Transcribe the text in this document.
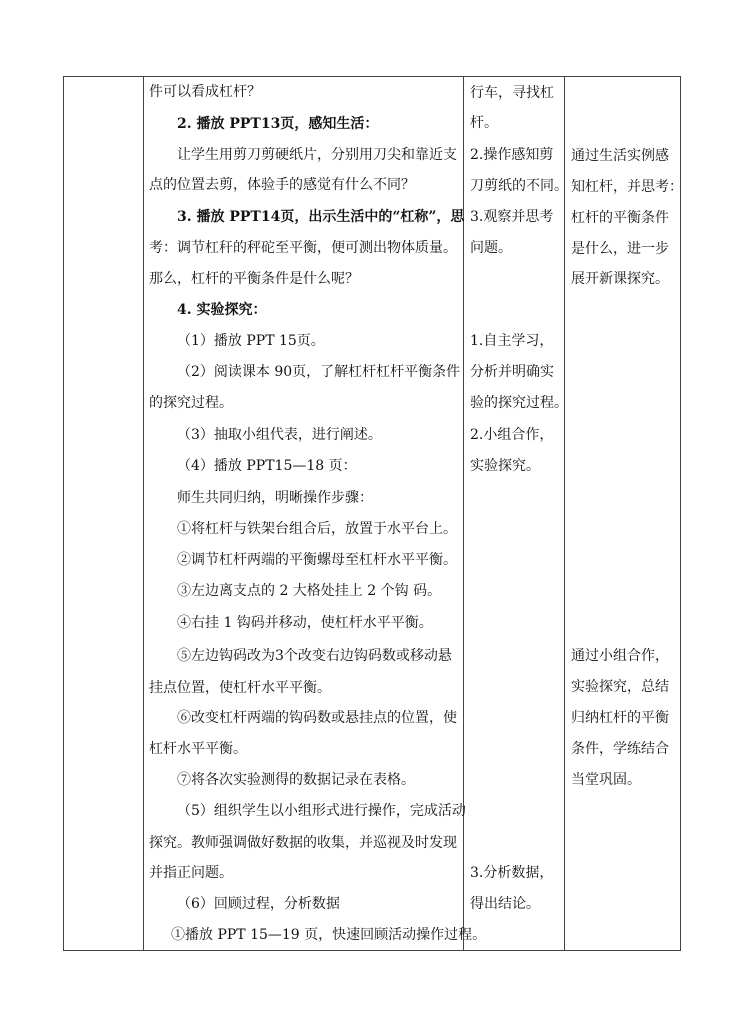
件可以看成杠杆？
2. 播放 PPT13页，感知生活：
让学生用剪刀剪硬纸片，分别用刀尖和靠近支
点的位置去剪，体验手的感觉有什么不同？
3. 播放 PPT14页，出示生活中的“杠称”，思
考：调节杠秆的秤砣至平衡，便可测出物体质量。
那么，杠杆的平衡条件是什么呢？
4. 实验探究：
（1）播放 PPT 15页。
（2）阅读课本 90页，了解杠杆杠杆平衡条件
的探究过程。
（3）抽取小组代表，进行阐述。
（4）播放 PPT15—18 页：
师生共同归纳，明晰操作步骤：
①将杠杆与铁架台组合后，放置于水平台上。
②调节杠杆两端的平衡螺母至杠杆水平平衡。
③左边离支点的 2 大格处挂上 2 个钩 码。
④右挂 1 钩码并移动，使杠杆水平平衡。
⑤左边钩码改为3个改变右边钩码数或移动悬
挂点位置，使杠杆水平平衡。
⑥改变杠杆两端的钩码数或悬挂点的位置，使
杠杆水平平衡。
⑦将各次实验测得的数据记录在表格。
（5）组织学生以小组形式进行操作，完成活动
探究。教师强调做好数据的收集，并巡视及时发现
并指正问题。
（6）回顾过程，分析数据
①播放 PPT 15—19 页，快速回顾活动操作过程。
行车，寻找杠
杆。
2.操作感知剪
刀剪纸的不同。
3.观察并思考
问题。
1.自主学习，
分析并明确实
验的探究过程。
2.小组合作，
实验探究。
3.分析数据，
得出结论。
通过生活实例感
知杠杆，并思考：
杠杆的平衡条件
是什么，进一步
展开新课探究。
通过小组合作，
实验探究，总结
归纳杠杆的平衡
条件，学练结合
当堂巩固。
